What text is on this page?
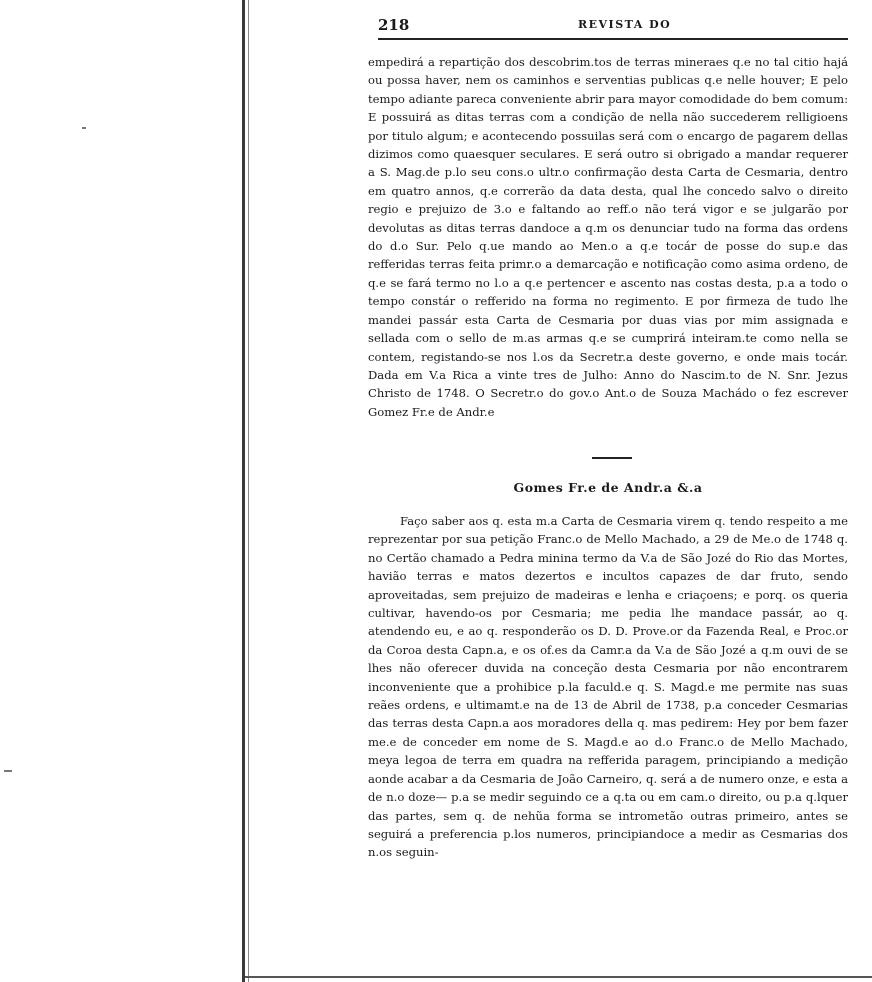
218	REVISTA DO

empedirá a repartição dos descobrim.tos de terras mineraes q.e no tal citio hajá ou possa haver, nem os caminhos e serventias publicas q.e nelle houver; E pelo tempo adiante pareca conveniente abrir para mayor comodidade do bem comum: E possuirá as ditas terras com a condição de nella não succederem relligioens por titulo algum; e acontecendo possuilas será com o encargo de pagarem dellas dizimos como quaesquer seculares. E será outro si obrigado a mandar requerer a S. Mag.de p.lo seu cons.o ultr.o confirmação desta Carta de Cesmaria, dentro em quatro annos, q.e correrão da data desta, qual lhe concedo salvo o direito regio e prejuizo de 3.o e faltando ao reff.o não terá vigor e se julgarão por devolutas as ditas terras dandoce a q.m os denunciar tudo na forma das ordens do d.o Sur. Pelo q.ue mando ao Men.o a q.e tocár de posse do sup.e das refferidas terras feita primr.o a demarcação e notificação como asima ordeno, de q.e se fará termo no l.o a q.e pertencer e ascento nas costas desta, p.a a todo o tempo constár o refferido na forma no regimento. E por firmeza de tudo lhe mandei passár esta Carta de Cesmaria por duas vias por mim assignada e sellada com o sello de m.as armas q.e se cumprirá inteiram.te como nella se contem, registando-se nos l.os da Secretr.a deste governo, e onde mais tocár. Dada em V.a Rica a vinte tres de Julho: Anno do Nascim.to de N. Snr. Jezus Christo de 1748. O Secretr.o do gov.o Ant.o de Souza Machádo o fez escrever Gomez Fr.e de Andr.e

Gomes Fr.e de Andr.a &.a

Faço saber aos q. esta m.a Carta de Cesmaria virem q. tendo respeito a me reprezentar por sua petição Franc.o de Mello Machado, a 29 de Me.o de 1748 q. no Certão chamado a Pedra minina termo da V.a de São Jozé do Rio das Mortes, havião terras e matos dezertos e incultos capazes de dar fruto, sendo aproveitadas, sem prejuizo de madeiras e lenha e criaçoens; e porq. os queria cultivar, havendo-os por Cesmaria; me pedia lhe mandace passár, ao q. atendendo eu, e ao q. responderão os D. D. Prove.or da Fazenda Real, e Proc.or da Coroa desta Capn.a, e os of.es da Camr.a da V.a de São Jozé a q.m ouvi de se lhes não oferecer duvida na conceção desta Cesmaria por não encontrarem inconveniente que a prohibice p.la faculd.e q. S. Magd.e me permite nas suas reães ordens, e ultimamt.e na de 13 de Abril de 1738, p.a conceder Cesmarias das terras desta Capn.a aos moradores della q. mas pedirem: Hey por bem fazer me.e de conceder em nome de S. Magd.e ao d.o Franc.o de Mello Machado, meya legoa de terra em quadra na refferida paragem, principiando a medição aonde acabar a da Cesmaria de João Carneiro, q. será a de numero onze, e esta a de n.o doze— p.a se medir seguindo ce a q.ta ou em cam.o direito, ou p.a q.lquer das partes, sem q. de nehũa forma se intrometão outras primeiro, antes se seguirá a preferencia p.los numeros, principiandoce a medir as Cesmarias dos n.os seguin-
